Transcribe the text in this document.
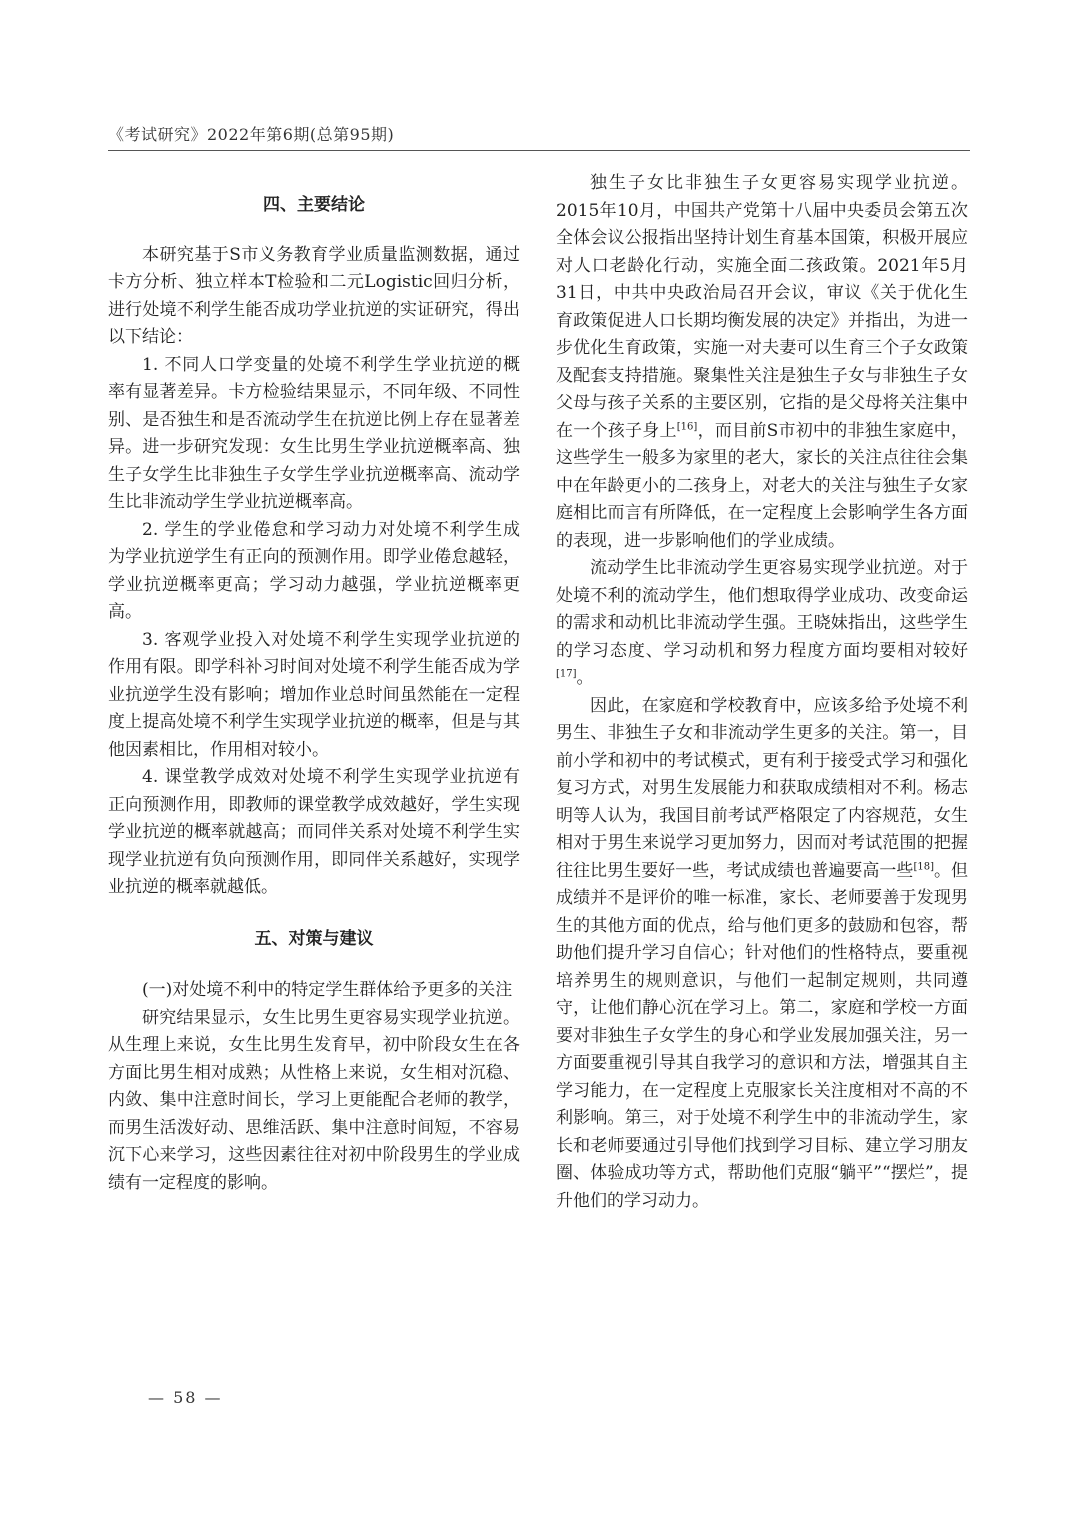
《考试研究》2022年第6期(总第95期)
四、主要结论

本研究基于S市义务教育学业质量监测数据，通过卡方分析、独立样本T检验和二元Logistic回归分析，进行处境不利学生能否成功学业抗逆的实证研究，得出以下结论：

1. 不同人口学变量的处境不利学生学业抗逆的概率有显著差异。卡方检验结果显示，不同年级、不同性别、是否独生和是否流动学生在抗逆比例上存在显著差异。进一步研究发现：女生比男生学业抗逆概率高、独生子女学生比非独生子女学生学业抗逆概率高、流动学生比非流动学生学业抗逆概率高。

2. 学生的学业倦怠和学习动力对处境不利学生成为学业抗逆学生有正向的预测作用。即学业倦怠越轻，学业抗逆概率更高；学习动力越强，学业抗逆概率更高。

3. 客观学业投入对处境不利学生实现学业抗逆的作用有限。即学科补习时间对处境不利学生能否成为学业抗逆学生没有影响；增加作业总时间虽然能在一定程度上提高处境不利学生实现学业抗逆的概率，但是与其他因素相比，作用相对较小。

4. 课堂教学成效对处境不利学生实现学业抗逆有正向预测作用，即教师的课堂教学成效越好，学生实现学业抗逆的概率就越高；而同伴关系对处境不利学生实现学业抗逆有负向预测作用，即同伴关系越好，实现学业抗逆的概率就越低。

五、对策与建议

(一)对处境不利中的特定学生群体给予更多的关注

研究结果显示，女生比男生更容易实现学业抗逆。从生理上来说，女生比男生发育早，初中阶段女生在各方面比男生相对成熟；从性格上来说，女生相对沉稳、内敛、集中注意时间长，学习上更能配合老师的教学，而男生活泼好动、思维活跃、集中注意时间短，不容易沉下心来学习，这些因素往往对初中阶段男生的学业成绩有一定程度的影响。

独生子女比非独生子女更容易实现学业抗逆。2015年10月，中国共产党第十八届中央委员会第五次全体会议公报指出坚持计划生育基本国策，积极开展应对人口老龄化行动，实施全面二孩政策。2021年5月31日，中共中央政治局召开会议，审议《关于优化生育政策促进人口长期均衡发展的决定》并指出，为进一步优化生育政策，实施一对夫妻可以生育三个子女政策及配套支持措施。聚集性关注是独生子女与非独生子女父母与孩子关系的主要区别，它指的是父母将关注集中在一个孩子身上[16]，而目前S市初中的非独生家庭中，这些学生一般多为家里的老大，家长的关注点往往会集中在年龄更小的二孩身上，对老大的关注与独生子女家庭相比而言有所降低，在一定程度上会影响学生各方面的表现，进一步影响他们的学业成绩。

流动学生比非流动学生更容易实现学业抗逆。对于处境不利的流动学生，他们想取得学业成功、改变命运的需求和动机比非流动学生强。王晓妹指出，这些学生的学习态度、学习动机和努力程度方面均要相对较好[17]。

因此，在家庭和学校教育中，应该多给予处境不利男生、非独生子女和非流动学生更多的关注。第一，目前小学和初中的考试模式，更有利于接受式学习和强化复习方式，对男生发展能力和获取成绩相对不利。杨志明等人认为，我国目前考试严格限定了内容规范，女生相对于男生来说学习更加努力，因而对考试范围的把握往往比男生要好一些，考试成绩也普遍要高一些[18]。但成绩并不是评价的唯一标准，家长、老师要善于发现男生的其他方面的优点，给与他们更多的鼓励和包容，帮助他们提升学习自信心；针对他们的性格特点，要重视培养男生的规则意识，与他们一起制定规则，共同遵守，让他们静心沉在学习上。第二，家庭和学校一方面要对非独生子女学生的身心和学业发展加强关注，另一方面要重视引导其自我学习的意识和方法，增强其自主学习能力，在一定程度上克服家长关注度相对不高的不利影响。第三，对于处境不利学生中的非流动学生，家长和老师要通过引导他们找到学习目标、建立学习朋友圈、体验成功等方式，帮助他们克服“躺平”“摆烂”，提升他们的学习动力。

— 58 —
